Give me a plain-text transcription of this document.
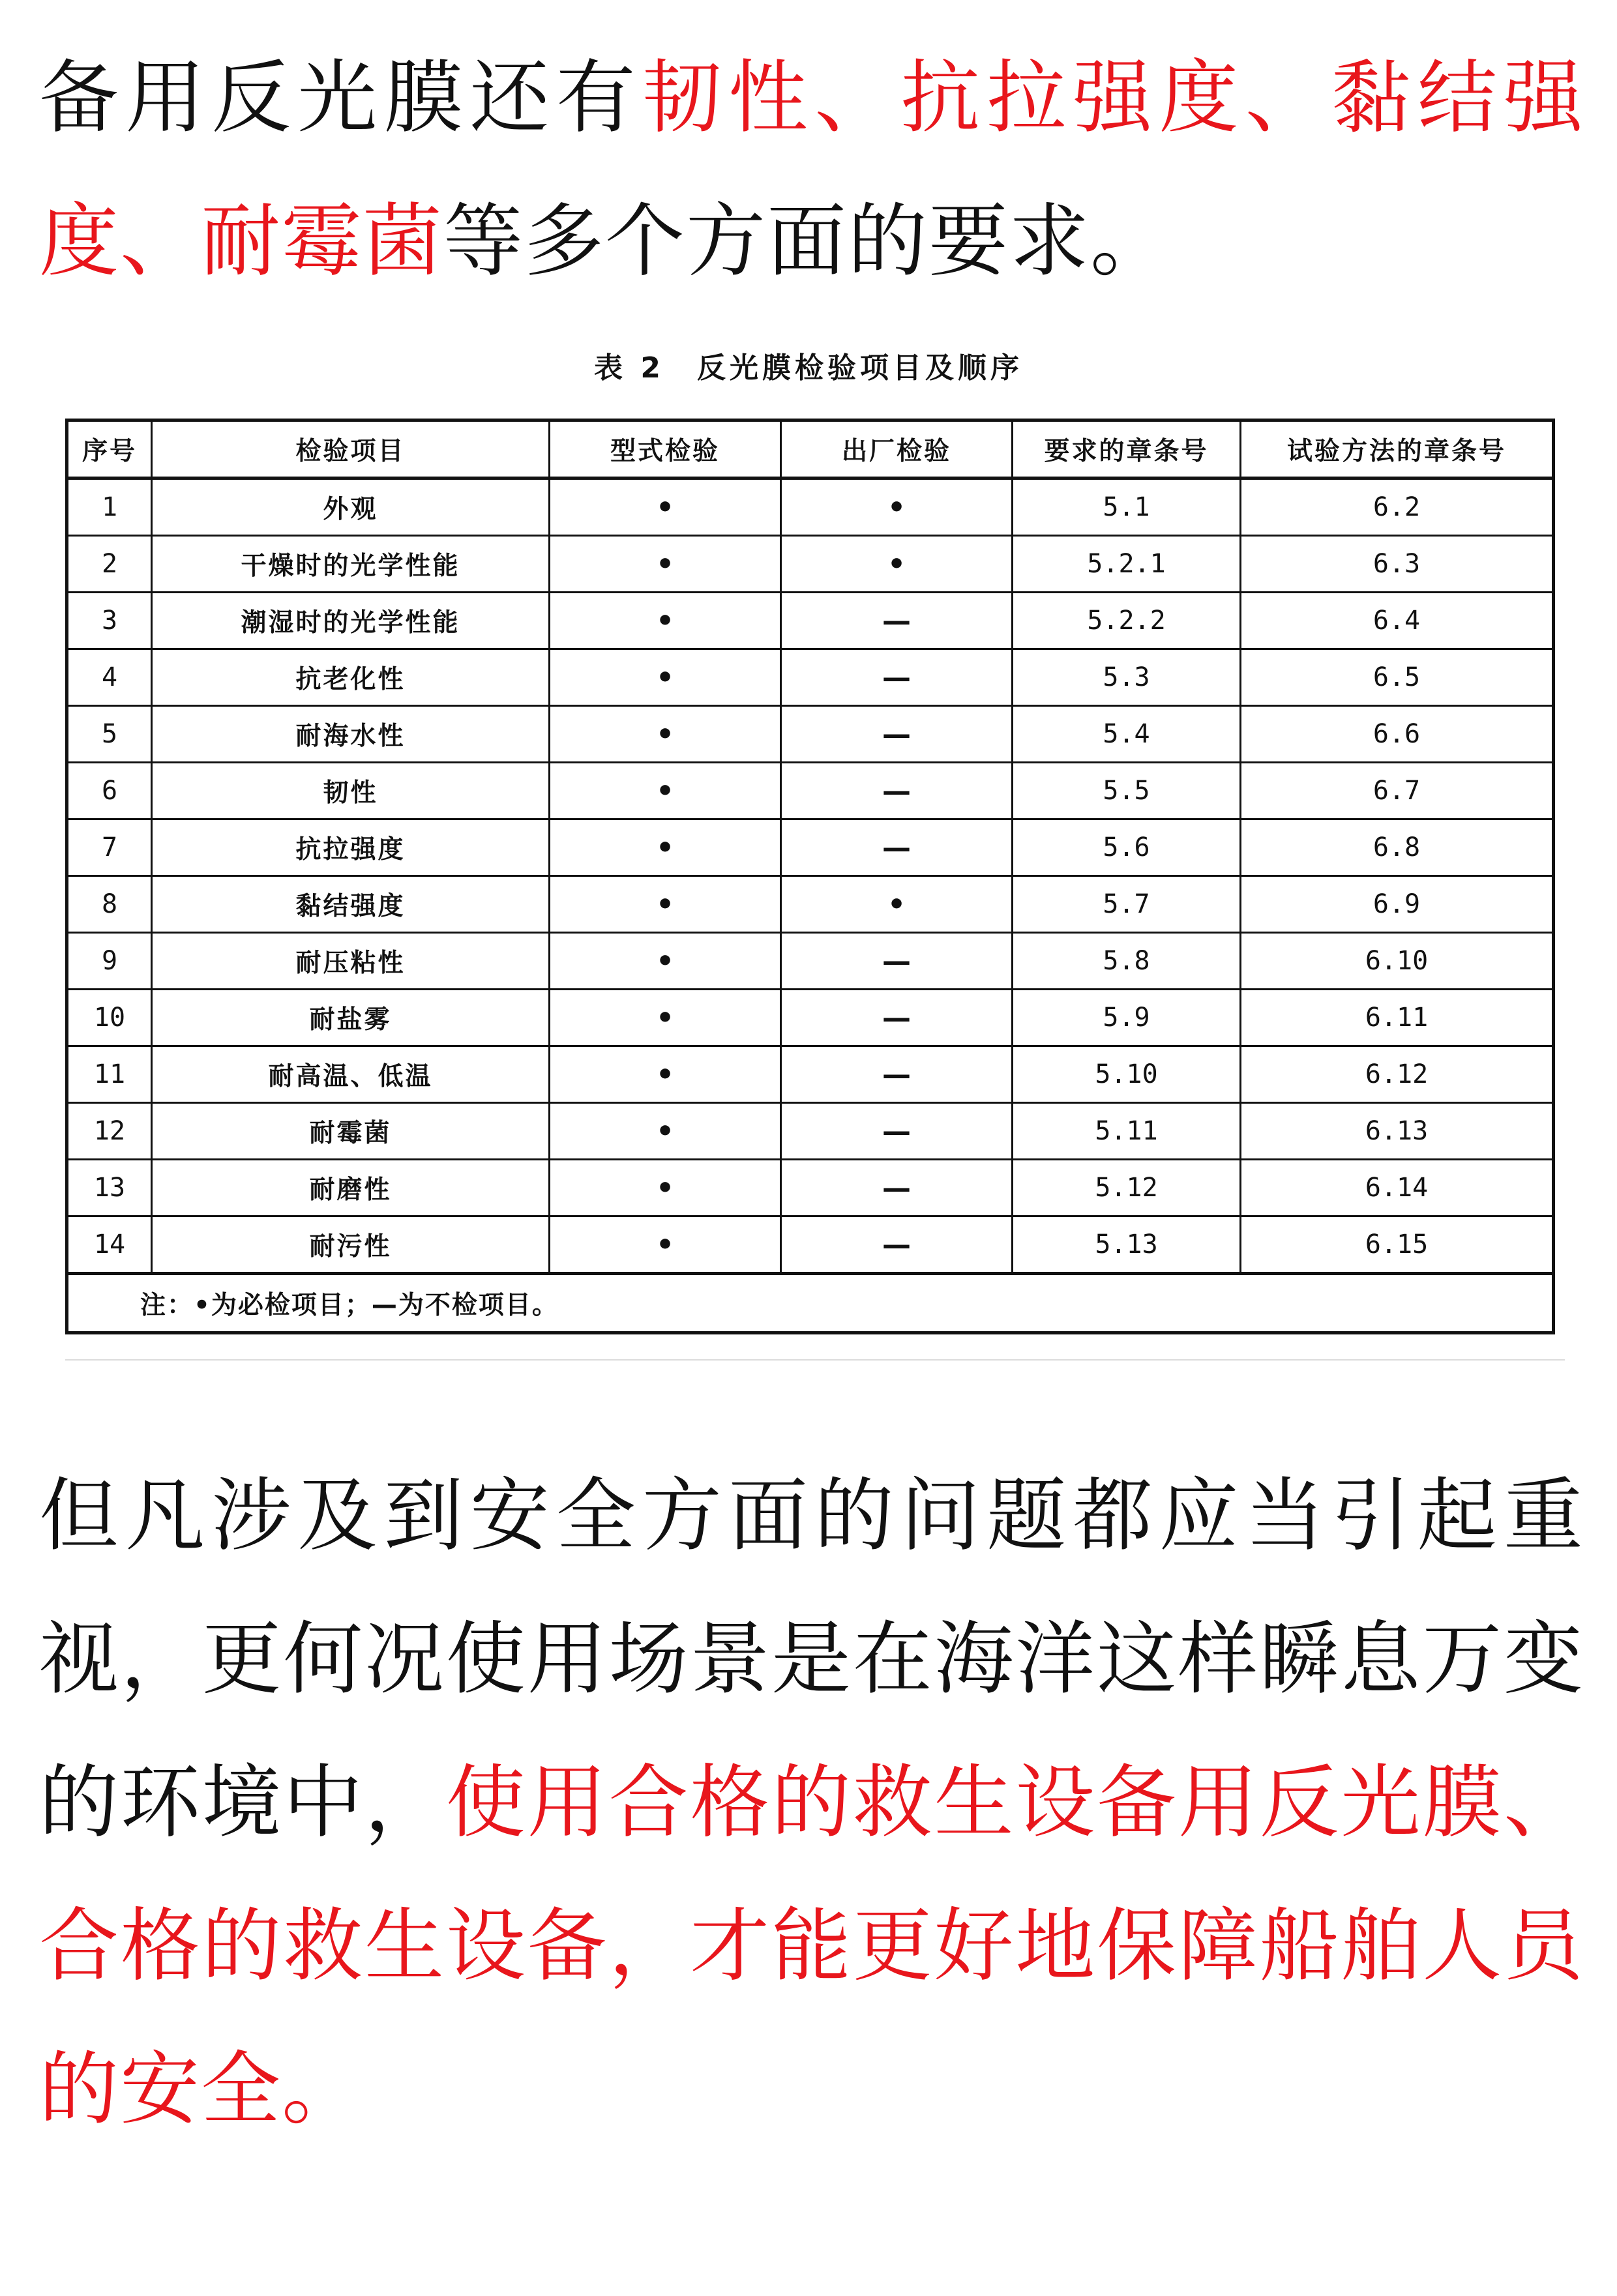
备用反光膜还有韧性、抗拉强度、黏结强度、耐霉菌等多个方面的要求。

表 2　反光膜检验项目及顺序
序号	检验项目	型式检验	出厂检验	要求的章条号	试验方法的章条号
1	外观	•	•	5.1	6.2
2	干燥时的光学性能	•	•	5.2.1	6.3
3	潮湿时的光学性能	•	—	5.2.2	6.4
4	抗老化性	•	—	5.3	6.5
5	耐海水性	•	—	5.4	6.6
6	韧性	•	—	5.5	6.7
7	抗拉强度	•	—	5.6	6.8
8	黏结强度	•	•	5.7	6.9
9	耐压粘性	•	—	5.8	6.10
10	耐盐雾	•	—	5.9	6.11
11	耐高温、低温	•	—	5.10	6.12
12	耐霉菌	•	—	5.11	6.13
13	耐磨性	•	—	5.12	6.14
14	耐污性	•	—	5.13	6.15
注：•为必检项目；—为不检项目。					

但凡涉及到安全方面的问题都应当引起重视，更何况使用场景是在海洋这样瞬息万变的环境中，使用合格的救生设备用反光膜、合格的救生设备，才能更好地保障船舶人员的安全。
